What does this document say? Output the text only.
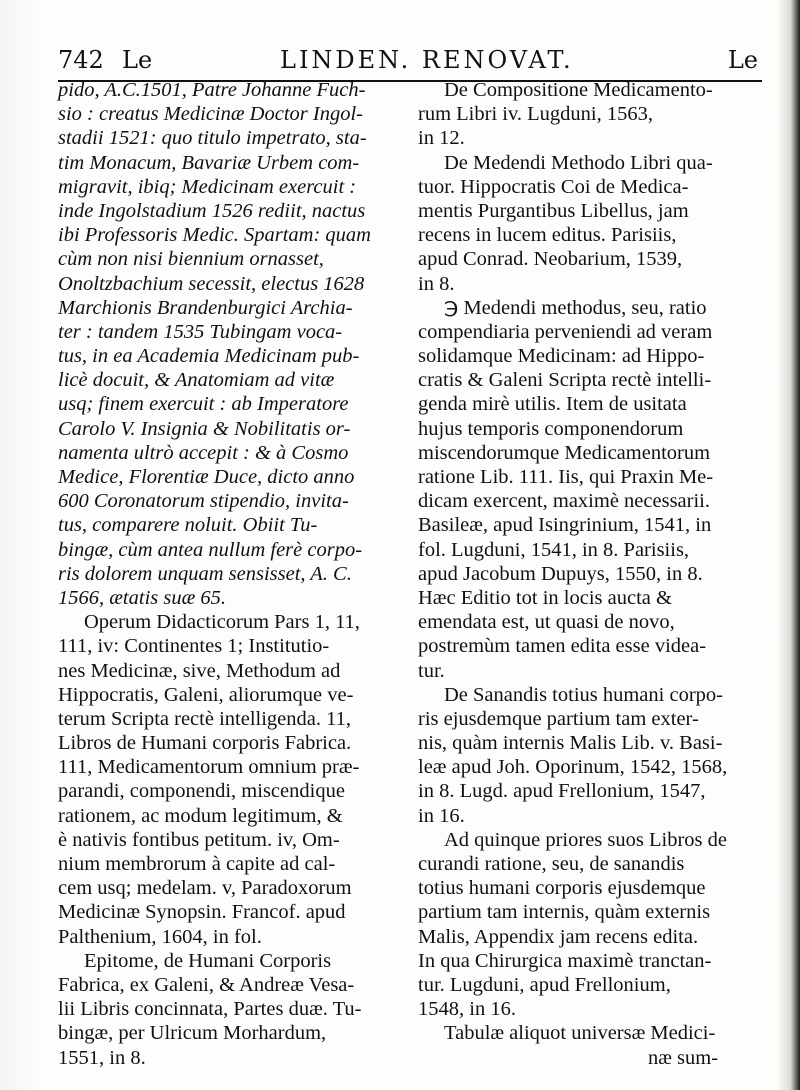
742 Le	LINDEN. RENOVAT.	Le
pido, A.C.1501, Patre Johanne Fuch-
sio : creatus Medicinæ Doctor Ingol-
stadii 1521: quo titulo impetrato, sta-
tim Monacum, Bavariæ Urbem com-
migravit, ibiq; Medicinam exercuit :
inde Ingolstadium 1526 rediit, nactus
ibi Professoris Medic. Spartam: quam
cùm non nisi biennium ornasset,
Onoltzbachium secessit, electus 1628
Marchionis Brandenburgici Archia-
ter : tandem 1535 Tubingam voca-
tus, in ea Academia Medicinam pub-
licè docuit, & Anatomiam ad vitæ
usq; finem exercuit : ab Imperatore
Carolo V. Insignia & Nobilitatis or-
namenta ultrò accepit : & à Cosmo
Medice, Florentiæ Duce, dicto anno
600 Coronatorum stipendio, invita-
tus, comparere noluit. Obiit Tu-
bingæ, cùm antea nullum ferè corpo-
ris dolorem unquam sensisset, A. C.
1566, ætatis suæ 65.
Operum Didacticorum Pars 1, 11,
111, iv: Continentes 1; Institutio-
nes Medicinæ, sive, Methodum ad
Hippocratis, Galeni, aliorumque ve-
terum Scripta rectè intelligenda. 11,
Libros de Humani corporis Fabrica.
111, Medicamentorum omnium præ-
parandi, componendi, miscendique
rationem, ac modum legitimum, &
è nativis fontibus petitum. iv, Om-
nium membrorum à capite ad cal-
cem usq; medelam. v, Paradoxorum
Medicinæ Synopsin. Francof. apud
Palthenium, 1604, in fol.
Epitome, de Humani Corporis
Fabrica, ex Galeni, & Andreæ Vesa-
lii Libris concinnata, Partes duæ. Tu-
bingæ, per Ulricum Morhardum,
1551, in 8.
De Compositione Medicamento-
rum Libri iv. Lugduni, 1563,
in 12.
De Medendi Methodo Libri qua-
tuor. Hippocratis Coi de Medica-
mentis Purgantibus Libellus, jam
recens in lucem editus. Parisiis,
apud Conrad. Neobarium, 1539,
in 8.
℈ Medendi methodus, seu, ratio
compendiaria perveniendi ad veram
solidamque Medicinam: ad Hippo-
cratis & Galeni Scripta rectè intelli-
genda mirè utilis. Item de usitata
hujus temporis componendorum
miscendorumque Medicamentorum
ratione Lib. 111. Iis, qui Praxin Me-
dicam exercent, maximè necessarii.
Basileæ, apud Isingrinium, 1541, in
fol. Lugduni, 1541, in 8. Parisiis,
apud Jacobum Dupuys, 1550, in 8.
Hæc Editio tot in locis aucta &
emendata est, ut quasi de novo,
postremùm tamen edita esse videa-
tur.
De Sanandis totius humani corpo-
ris ejusdemque partium tam exter-
nis, quàm internis Malis Lib. v. Basi-
leæ apud Joh. Oporinum, 1542, 1568,
in 8. Lugd. apud Frellonium, 1547,
in 16.
Ad quinque priores suos Libros de
curandi ratione, seu, de sanandis
totius humani corporis ejusdemque
partium tam internis, quàm externis
Malis, Appendix jam recens edita.
In qua Chirurgica maximè tranctan-
tur. Lugduni, apud Frellonium,
1548, in 16.
Tabulæ aliquot universæ Medici-
næ sum-
